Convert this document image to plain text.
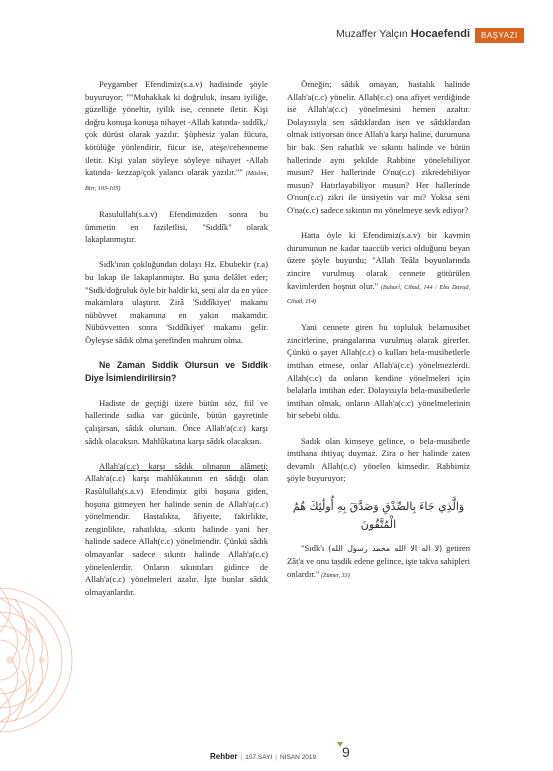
Muzaffer Yalçın Hocaefendi	BAŞYAZI

Peygamber Efendimiz(s.a.v) hadisinde şöyle buyuruyor; ""Muhakkak ki doğruluk, insanı iyiliğe, güzelliğe yöneltir, iyilik ise, cennete iletir. Kişi doğru konuşa konuşa nihayet -Allah katında- sıddîk,/çok dürüst olarak yazılır. Şüphesiz yalan fücura, kötülüğe yönlendirir, fücur ise, ateşe/cehenneme iletir. Kişi yalan söyleye söyleye nihayet -Allah katında- kezzap/çok yalancı olarak yazılır."" (Müslim, Birr, 103-105)

Rasulullah(s.a.v) Efendimizden sonra bu ümmetin en faziletlisi, "Sıddîk" olarak lakaplanmıştır.

Sıdk'ının çokluğundan dolayı Hz. Ebubekir (r.a) bu lakap ile lakaplanmıştır. Bu şuna delâlet eder; "Sıdk/doğruluk öyle bir haldir ki, seni alır da en yüce makamlara ulaştırır. Zirâ 'Sıddîkiyet' makamı nübüvvet makamına en yakın makamdır. Nübüvvetten sonra 'Sıddîkiyet' makamı gelir. Öyleyse sâdık olma şerefinden mahrum olma.

Ne Zaman Sıddîk Olursun ve Sıddîk Diye İsimlendirilirsin?

Hadiste de geçtiği üzere bütün söz, fiil ve hallerinde sıdka var gücünle, bütün gayretinle çalışırsan, sâdık olursun. Önce Allah'a(c.c) karşı sâdık olacaksın. Mahlûkatına karşı sâdık olacaksın.

Allah'a(c.c) karşı sâdık olmanın alâmeti; Allah'a(c.c) karşı mahlûkatının en sâdığı olan Rasûlullah(s.a.v) Efendimiz gibi hoşuna giden, hoşuna gitmeyen her halinde senin de Allah'a(c.c) yönelmendir. Hastalıkta, âfiyette, fakirlikte, zenginlikte, rahatlıkta, sıkıntı halinde yani her halinde sadece Allah(c.c) yönelmendir. Çünkü sâdık olmayanlar sadece sıkıntı halinde Allah'a(c.c) yönelenlerdir. Onların sıkıntıları gidince de Allah'a(c.c) yönelmeleri azalır. İşte bunlar sâdık olmayanlardır.

Örneğin; sâdık omayan, hastalık halinde Allah'a(c.c) yönelir. Allah(c.c) ona afiyet verdiğinde ise Allah'a(c.c) yönelmesini hemen azaltır. Dolayısıyla sen sâdıklardan isen ve sâdıklardan olmak istiyorsan önce Allah'a karşı haline, durumuna bir bak. Sen rahatlık ve sıkıntı halinde ve bütün hallerinde aynı şekilde Rabbine yönelebiliyor musun? Her hallerinde O'nu(c.c) zikredebiliyor musun? Hatırlayabiliyor musun? Her hallerinde O'nun(c.c) zikri ile ünsiyetin var mı? Yoksa seni O'na(c.c) sadece sıkıntın mı yönelmeye sevk ediyor?

Hatta öyle ki Efendimiz(s.a.v) bir kavmin durumunun ne kadar taaccüb verici olduğunu beyan üzere şöyle buyurdu; "Allah Teâla boyunlarında zincire vurulmuş olarak cennete götürülen kavimlerden hoşnut olur." (Buharî, Cihad, 144 / Ebu Davud, Cihad, 114)

Yani cennete giren bu topluluk belamusibet zincirlerine, prangalarına vurulmuş olarak girerler. Çünkü o şayet Allah(c.c) o kulları bela-musibetlerle imtihan etmese, onlar Allah'a(c.c) yönelmezlerdi. Allah(c.c) da onların kendine yönelmeleri için belalarla imtihan eder. Dolayısıyla bela-musibetlerle imtihan olmak, onların Allah'a(c.c) yönelmelerinin bir sebebi oldu.

Sadık olan kimseye gelince, o bela-musibetle imtihana ihtiyaç duymaz. Zira o her halinde zaten devamlı Allah(c.c) yönelen kimsedir. Rabbimiz şöyle buyuruyor;

وَالَّذِي جَاءَ بِالصِّدْقِ وَصَدَّقَ بِهِ أُولَٰئِكَ هُمُ الْمُتَّقُونَ

"Sıdk'ı (لا اله الا الله محمد رسول الله) getiren Zât'a ve onu tasdik edene gelince, işte takva sahipleri onlardır." (Zümer, 33)

Rehber | 107.SAYI | NİSAN 2019 9
